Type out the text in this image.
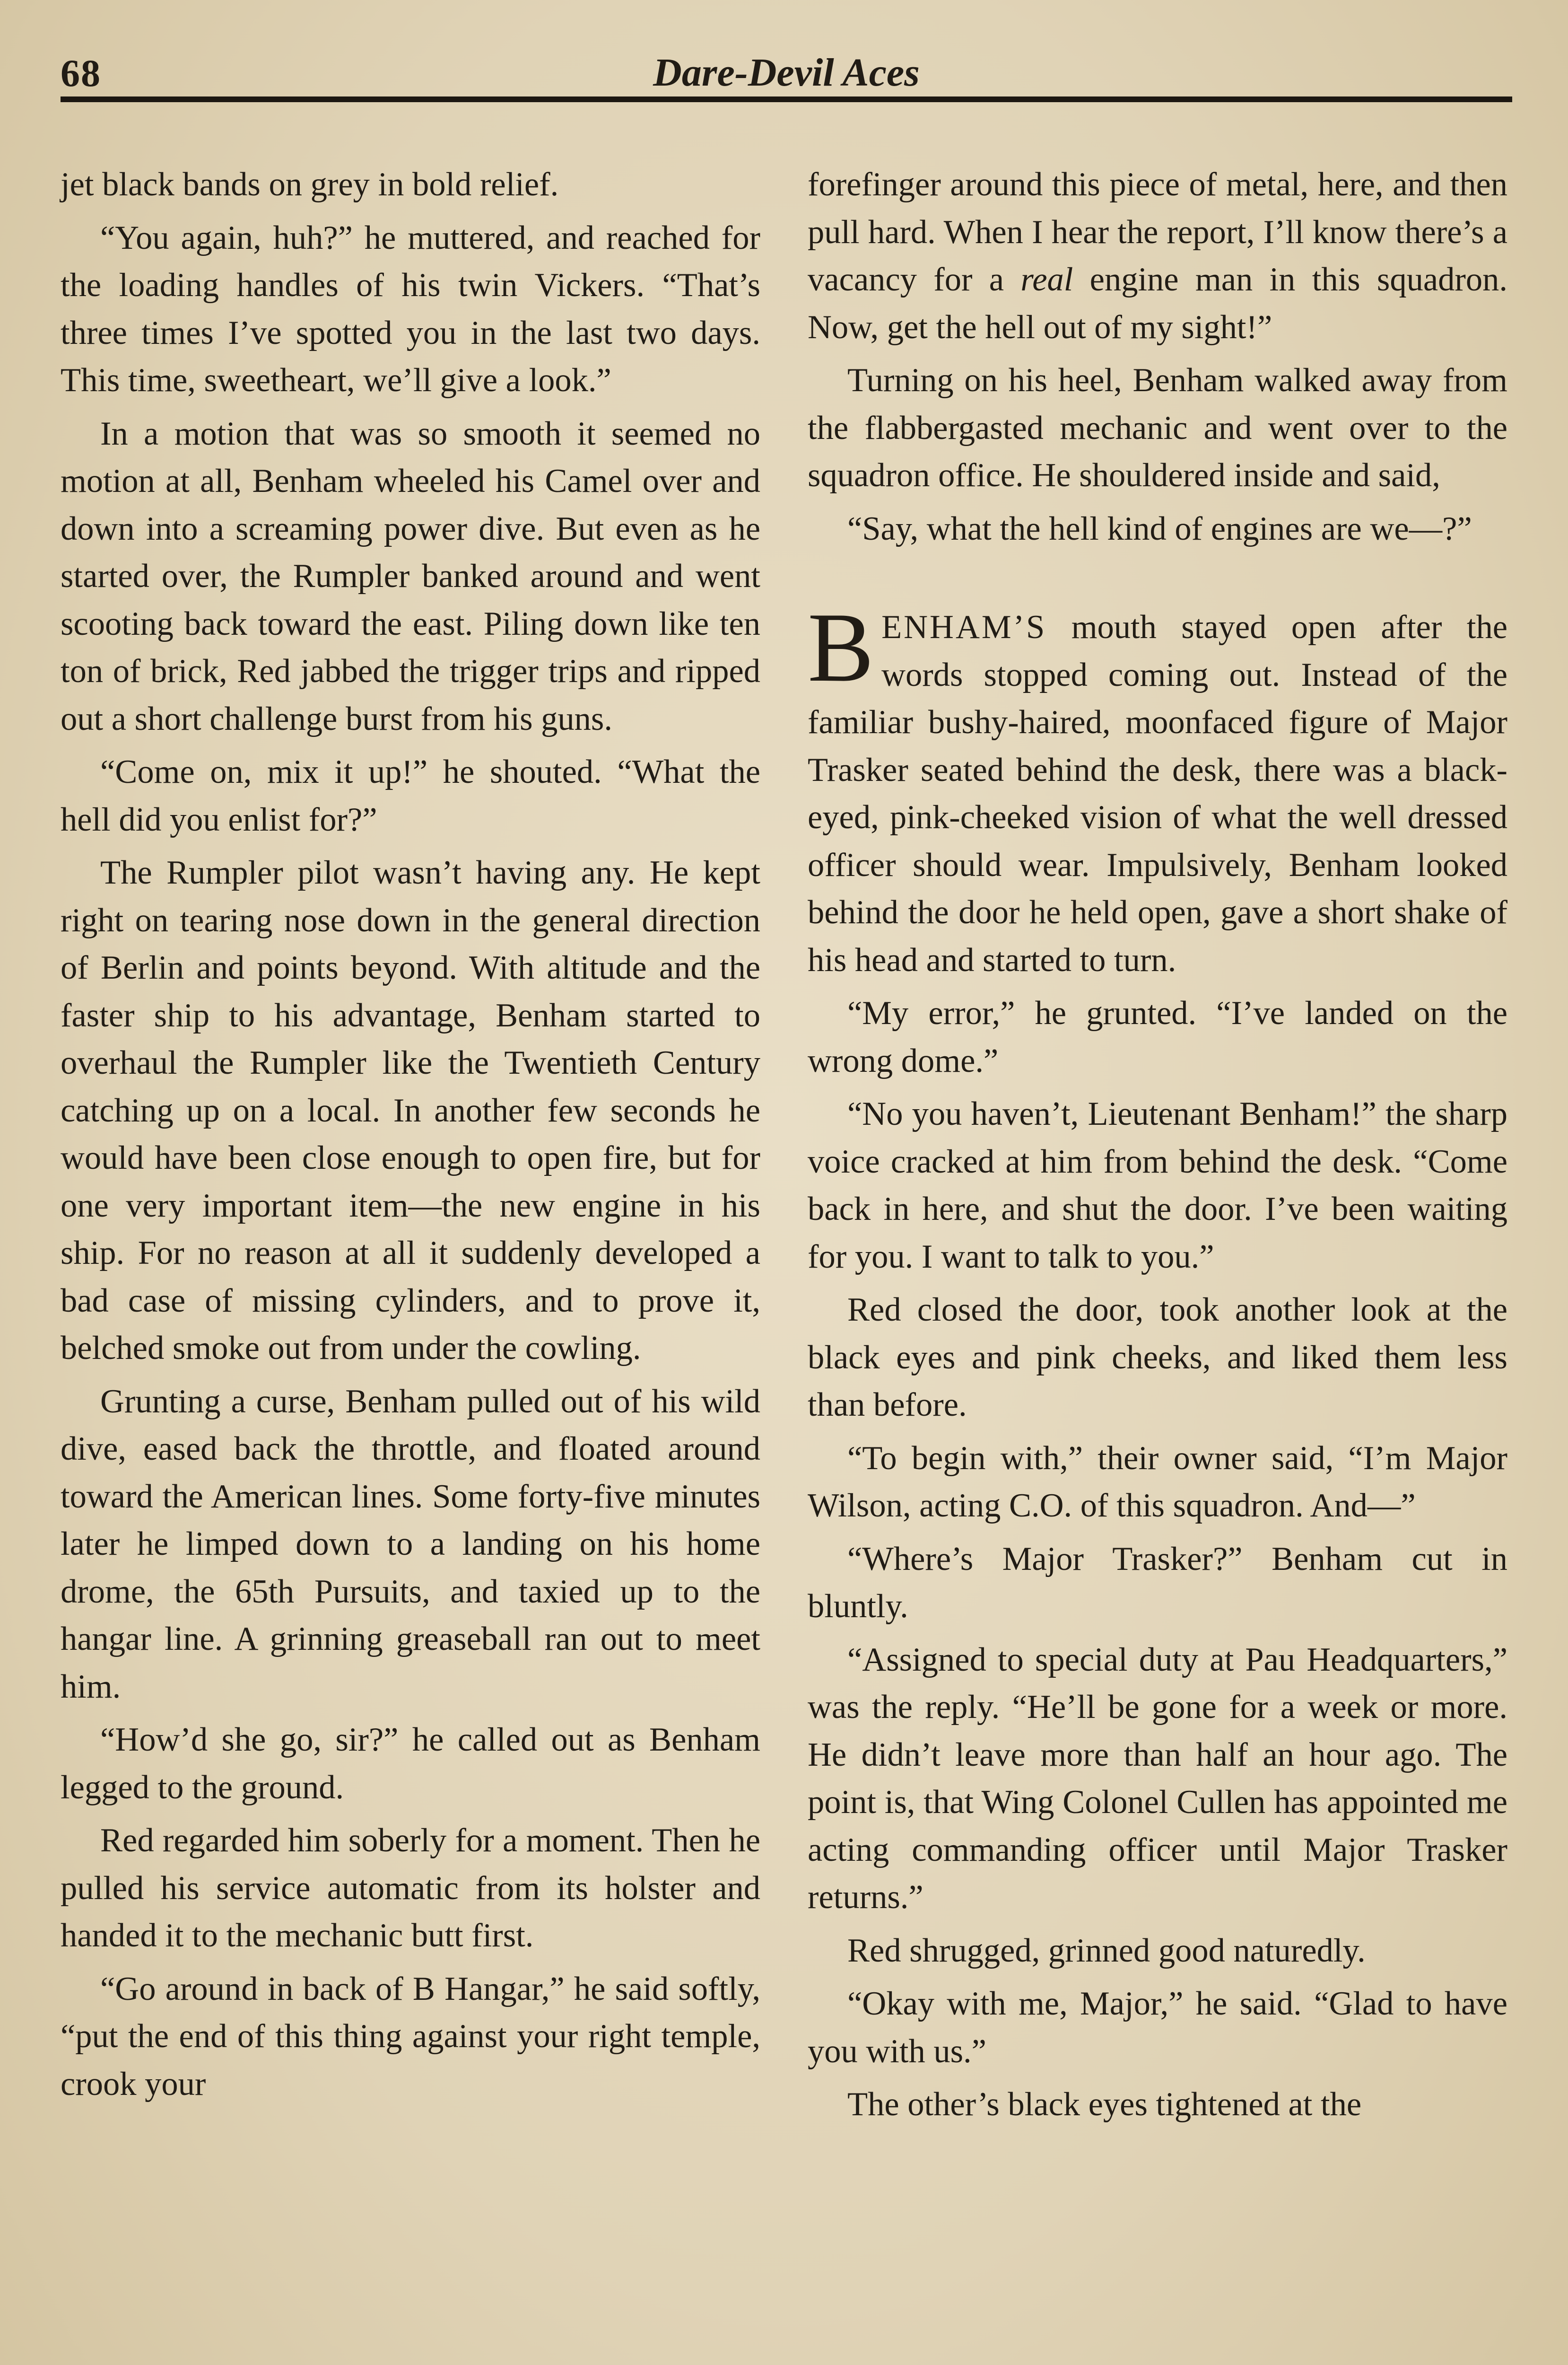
68	Dare-Devil Aces

jet black bands on grey in bold relief.

“You again, huh?” he muttered, and reached for the loading handles of his twin Vickers. “That’s three times I’ve spotted you in the last two days. This time, sweetheart, we’ll give a look.”

In a motion that was so smooth it seemed no motion at all, Benham wheeled his Camel over and down into a screaming power dive. But even as he started over, the Rumpler banked around and went scooting back toward the east. Piling down like ten ton of brick, Red jabbed the trigger trips and ripped out a short challenge burst from his guns.

“Come on, mix it up!” he shouted. “What the hell did you enlist for?”

The Rumpler pilot wasn’t having any. He kept right on tearing nose down in the general direction of Berlin and points beyond. With altitude and the faster ship to his advantage, Benham started to overhaul the Rumpler like the Twentieth Century catching up on a local. In another few seconds he would have been close enough to open fire, but for one very important item—the new engine in his ship. For no reason at all it suddenly developed a bad case of missing cylinders, and to prove it, belched smoke out from under the cowling.

Grunting a curse, Benham pulled out of his wild dive, eased back the throttle, and floated around toward the American lines. Some forty-five minutes later he limped down to a landing on his home drome, the 65th Pursuits, and taxied up to the hangar line. A grinning greaseball ran out to meet him.

“How’d she go, sir?” he called out as Benham legged to the ground.

Red regarded him soberly for a moment. Then he pulled his service automatic from its holster and handed it to the mechanic butt first.

“Go around in back of B Hangar,” he said softly, “put the end of this thing against your right temple, crook your

forefinger around this piece of metal, here, and then pull hard. When I hear the report, I’ll know there’s a vacancy for a real engine man in this squadron. Now, get the hell out of my sight!”

Turning on his heel, Benham walked away from the flabbergasted mechanic and went over to the squadron office. He shouldered inside and said,

“Say, what the hell kind of engines are we—?”

BENHAM’S mouth stayed open after the words stopped coming out. Instead of the familiar bushy-haired, moonfaced figure of Major Trasker seated behind the desk, there was a black-eyed, pink-cheeked vision of what the well dressed officer should wear. Impulsively, Benham looked behind the door he held open, gave a short shake of his head and started to turn.

“My error,” he grunted. “I’ve landed on the wrong dome.”

“No you haven’t, Lieutenant Benham!” the sharp voice cracked at him from behind the desk. “Come back in here, and shut the door. I’ve been waiting for you. I want to talk to you.”

Red closed the door, took another look at the black eyes and pink cheeks, and liked them less than before.

“To begin with,” their owner said, “I’m Major Wilson, acting C.O. of this squadron. And—”

“Where’s Major Trasker?” Benham cut in bluntly.

“Assigned to special duty at Pau Headquarters,” was the reply. “He’ll be gone for a week or more. He didn’t leave more than half an hour ago. The point is, that Wing Colonel Cullen has appointed me acting commanding officer until Major Trasker returns.”

Red shrugged, grinned good naturedly.

“Okay with me, Major,” he said. “Glad to have you with us.”

The other’s black eyes tightened at the
